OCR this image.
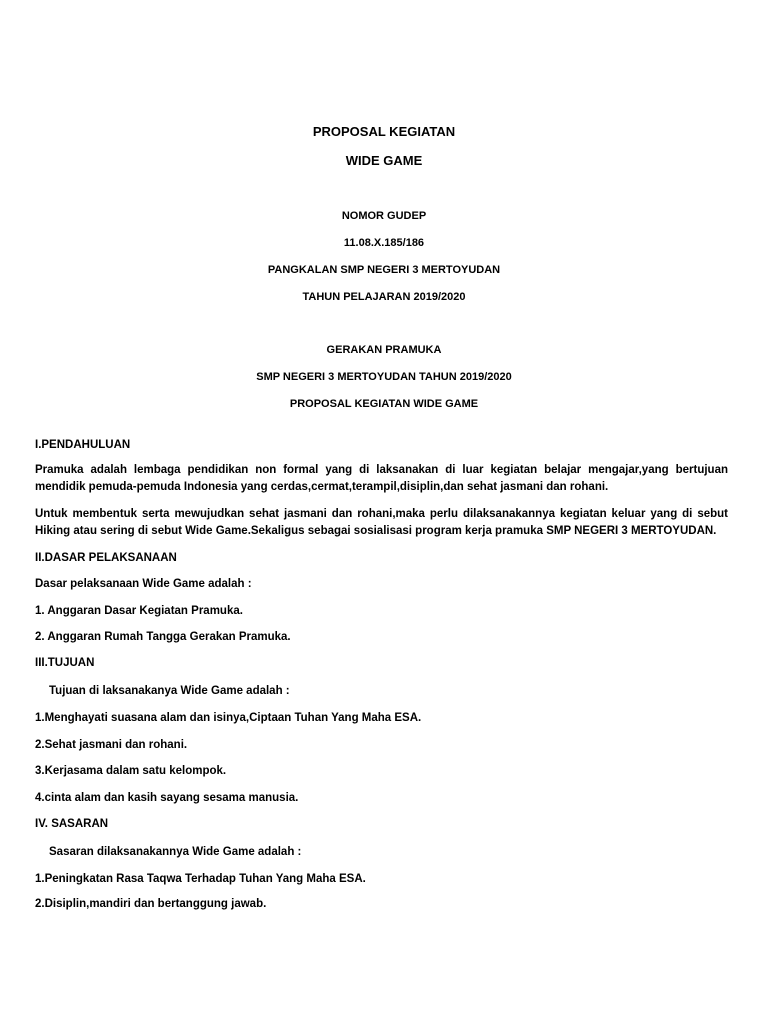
PROPOSAL KEGIATAN
WIDE GAME
NOMOR GUDEP
11.08.X.185/186
PANGKALAN SMP NEGERI 3 MERTOYUDAN
TAHUN PELAJARAN 2019/2020
GERAKAN PRAMUKA
SMP NEGERI 3 MERTOYUDAN TAHUN 2019/2020
PROPOSAL KEGIATAN WIDE GAME

I.PENDAHULUAN

Pramuka adalah lembaga pendidikan non formal yang di laksanakan di luar kegiatan belajar mengajar,yang bertujuan mendidik pemuda-pemuda Indonesia yang cerdas,cermat,terampil,disiplin,dan sehat jasmani dan rohani.

Untuk membentuk serta mewujudkan sehat jasmani dan rohani,maka perlu dilaksanakannya kegiatan keluar yang di sebut Hiking atau sering di sebut Wide Game.Sekaligus sebagai sosialisasi program kerja pramuka SMP NEGERI 3 MERTOYUDAN.

II.DASAR PELAKSANAAN

Dasar pelaksanaan Wide Game adalah :

1. Anggaran Dasar Kegiatan Pramuka.

2. Anggaran Rumah Tangga Gerakan Pramuka.

III.TUJUAN

Tujuan di laksanakanya Wide Game adalah :

1.Menghayati suasana alam dan isinya,Ciptaan Tuhan Yang Maha ESA.

2.Sehat jasmani dan rohani.

3.Kerjasama dalam satu kelompok.

4.cinta alam dan kasih sayang sesama manusia.

IV. SASARAN

Sasaran dilaksanakannya Wide Game adalah :

1.Peningkatan Rasa Taqwa Terhadap Tuhan Yang Maha ESA.

2.Disiplin,mandiri dan bertanggung jawab.
